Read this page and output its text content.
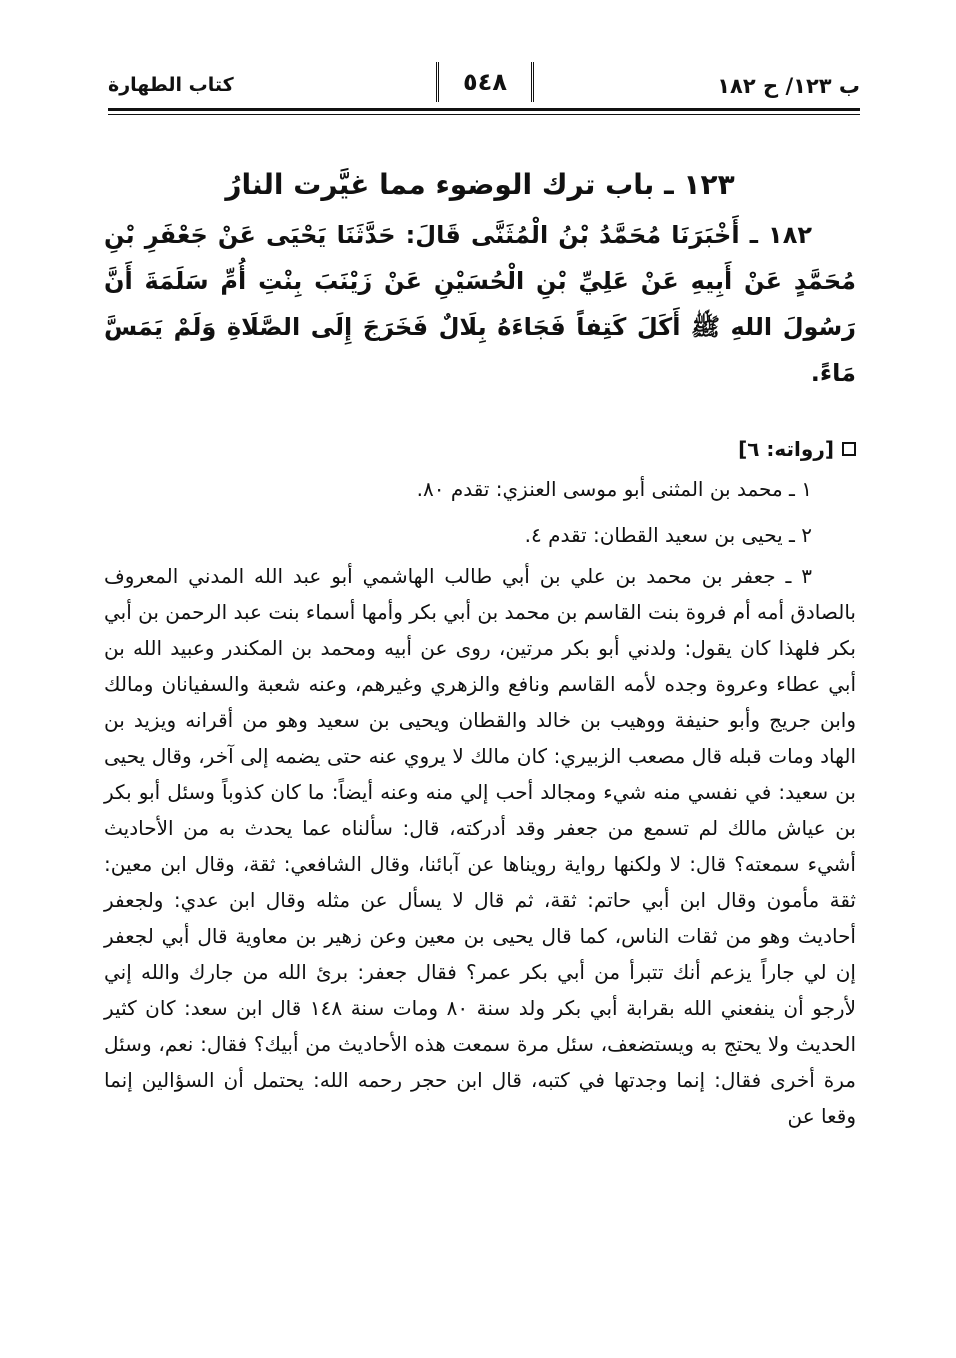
ب ١٢٣/ ح ١٨٢
٥٤٨
كتاب الطهارة
١٢٣ ـ باب ترك الوضوء مما غيَّرت النارُ

١٨٢ ـ أَخْبَرَنَا مُحَمَّدُ بْنُ الْمُثَنَّى قَالَ: حَدَّثَنَا يَحْيَى عَنْ جَعْفَرِ بْنِ مُحَمَّدٍ عَنْ أَبِيهِ عَنْ عَلِيِّ بْنِ الْحُسَيْنِ عَنْ زَيْنَبَ بِنْتِ أُمِّ سَلَمَةَ أَنَّ رَسُولَ اللهِ ﷺ أَكَلَ كَتِفاً فَجَاءَهُ بِلَالٌ فَخَرَجَ إِلَى الصَّلَاةِ وَلَمْ يَمَسَّ مَاءً.

[رواته: ٦]

١ ـ محمد بن المثنى أبو موسى العنزي: تقدم ٨٠.

٢ ـ يحيى بن سعيد القطان: تقدم ٤.

٣ ـ جعفر بن محمد بن علي بن أبي طالب الهاشمي أبو عبد الله المدني المعروف بالصادق أمه أم فروة بنت القاسم بن محمد بن أبي بكر وأمها أسماء بنت عبد الرحمن بن أبي بكر فلهذا كان يقول: ولدني أبو بكر مرتين، روى عن أبيه ومحمد بن المكندر وعبيد الله بن أبي عطاء وعروة وجده لأمه القاسم ونافع والزهري وغيرهم، وعنه شعبة والسفيانان ومالك وابن جريج وأبو حنيفة ووهيب بن خالد والقطان ويحيى بن سعيد وهو من أقرانه ويزيد بن الهاد ومات قبله قال مصعب الزبيري: كان مالك لا يروي عنه حتى يضمه إلى آخر، وقال يحيى بن سعيد: في نفسي منه شيء ومجالد أحب إلي منه وعنه أيضاً: ما كان كذوباً وسئل أبو بكر بن عياش مالك لم تسمع من جعفر وقد أدركته، قال: سألناه عما يحدث به من الأحاديث أشيء سمعته؟ قال: لا ولكنها رواية رويناها عن آبائنا، وقال الشافعي: ثقة، وقال ابن معين: ثقة مأمون وقال ابن أبي حاتم: ثقة، ثم قال لا يسأل عن مثله وقال ابن عدي: ولجعفر أحاديث وهو من ثقات الناس، كما قال يحيى بن معين وعن زهير بن معاوية قال أبي لجعفر إن لي جاراً يزعم أنك تتبرأ من أبي بكر عمر؟ فقال جعفر: برئ الله من جارك والله إني لأرجو أن ينفعني الله بقرابة أبي بكر ولد سنة ٨٠ ومات سنة ١٤٨ قال ابن سعد: كان كثير الحديث ولا يحتج به ويستضعف، سئل مرة سمعت هذه الأحاديث من أبيك؟ فقال: نعم، وسئل مرة أخرى فقال: إنما وجدتها في كتبه، قال ابن حجر رحمه الله: يحتمل أن السؤالين إنما وقعا عن
